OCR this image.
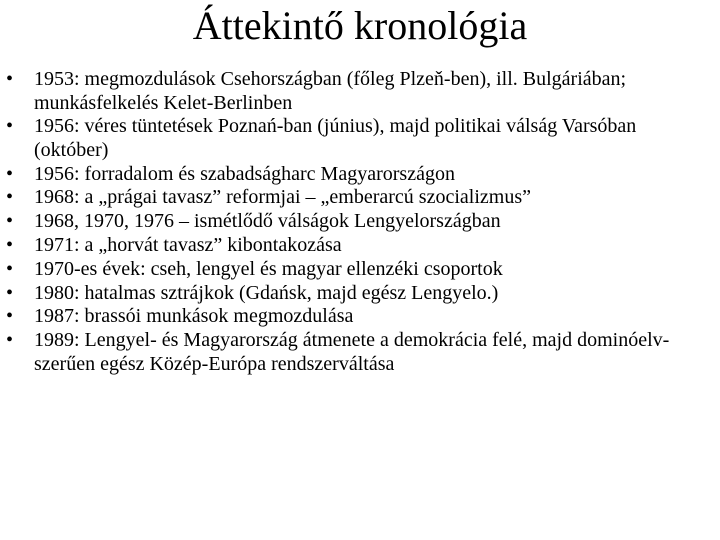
Áttekintő kronológia
• 1953: megmozdulások Csehországban (főleg Plzeň-ben), ill. Bulgáriában; munkásfelkelés Kelet-Berlinben
• 1956: véres tüntetések Poznań-ban (június), majd politikai válság Varsóban (október)
• 1956: forradalom és szabadságharc Magyarországon
• 1968: a „prágai tavasz” reformjai – „emberarcú szocializmus”
• 1968, 1970, 1976 – ismétlődő válságok Lengyelországban
• 1971: a „horvát tavasz” kibontakozása
• 1970-es évek: cseh, lengyel és magyar ellenzéki csoportok
• 1980: hatalmas sztrájkok (Gdańsk, majd egész Lengyelo.)
• 1987: brassói munkások megmozdulása
• 1989: Lengyel- és Magyarország átmenete a demokrácia felé, majd dominóelv-szerűen egész Közép-Európa rendszerváltása
